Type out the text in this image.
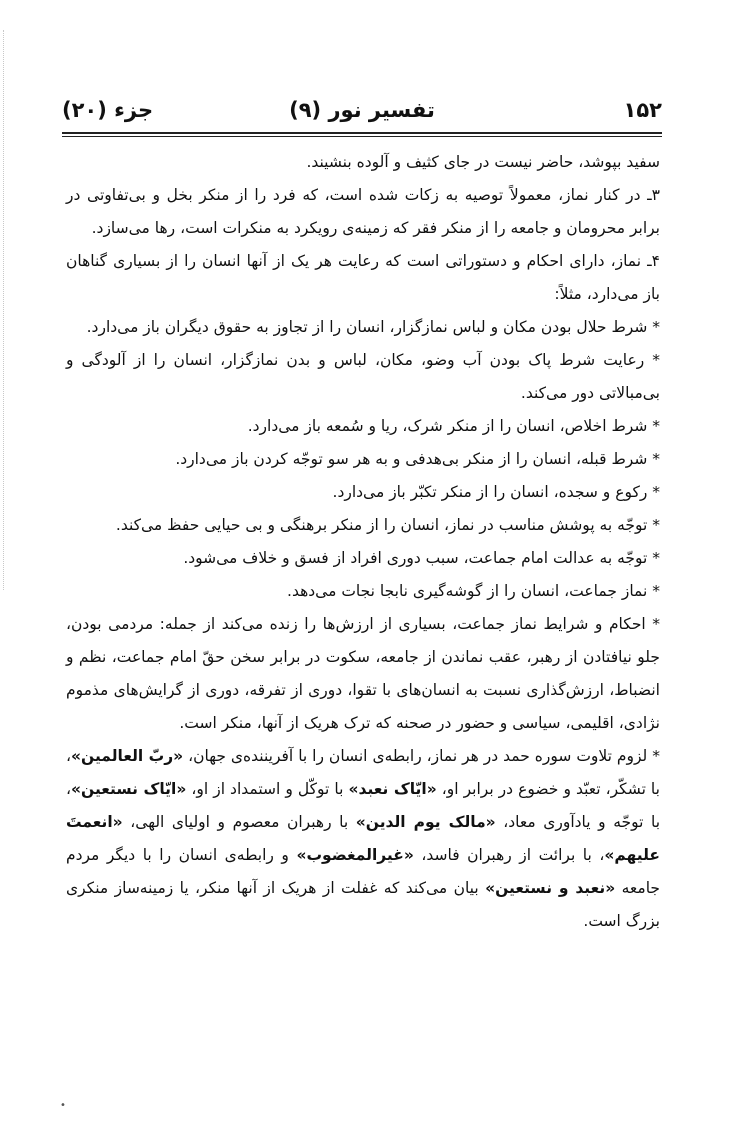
۱۵۲
تفسیر نور (۹)
جزء (۲۰)

سفید بپوشد، حاضر نیست در جای کثیف و آلوده بنشیند.

۳ـ در کنار نماز، معمولاً توصیه به زکات شده است، که فرد را از منکر بخل و بی‌تفاوتی در برابر محرومان و جامعه را از منکر فقر که زمینه‌ی رویکرد به منکرات است، رها می‌سازد.

۴ـ نماز، دارای احکام و دستوراتی است که رعایت هر یک از آنها انسان را از بسیاری گناهان باز می‌دارد، مثلاً:

* شرط حلال بودن مکان و لباس نمازگزار، انسان را از تجاوز به حقوق دیگران باز می‌دارد.

* رعایت شرط پاک بودن آب وضو، مکان، لباس و بدن نمازگزار، انسان را از آلودگی و بی‌مبالاتی دور می‌کند.

* شرط اخلاص، انسان را از منکر شرک، ریا و سُمعه باز می‌دارد.

* شرط قبله، انسان را از منکر بی‌هدفی و به هر سو توجّه کردن باز می‌دارد.

* رکوع و سجده، انسان را از منکر تکبّر باز می‌دارد.

* توجّه به پوشش مناسب در نماز، انسان را از منکر برهنگی و بی حیایی حفظ می‌کند.

* توجّه به عدالت امام جماعت، سبب دوری افراد از فسق و خلاف می‌شود.

* نماز جماعت، انسان را از گوشه‌گیری نابجا نجات می‌دهد.

* احکام و شرایط نماز جماعت، بسیاری از ارزش‌ها را زنده می‌کند از جمله: مردمی بودن، جلو نیافتادن از رهبر، عقب نماندن از جامعه، سکوت در برابر سخن حقّ امام جماعت، نظم و انضباط، ارزش‌گذاری نسبت به انسان‌های با تقوا، دوری از تفرقه، دوری از گرایش‌های مذموم نژادی، اقلیمی، سیاسی و حضور در صحنه که ترک هریک از آنها، منکر است.

* لزوم تلاوت سوره حمد در هر نماز، رابطه‌ی انسان را با آفریننده‌ی جهان، «ربّ العالمین»، با تشکّر، تعبّد و خضوع در برابر او، «ایّاک نعبد» با توکّل و استمداد از او، «ایّاک نستعین»، با توجّه و یادآوری معاد، «مالک یوم الدین» با رهبران معصوم و اولیای الهی، «انعمتَ علیهم»، با برائت از رهبران فاسد، «غیرالمغضوب» و رابطه‌ی انسان را با دیگر مردم جامعه «نعبد و نستعین» بیان می‌کند که غفلت از هریک از آنها منکر، یا زمینه‌ساز منکری بزرگ است.

•
